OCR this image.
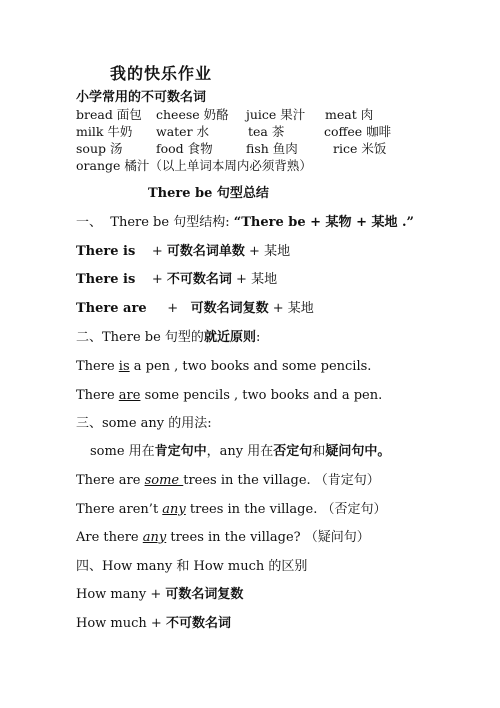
我的快乐作业
小学常用的不可数名词
bread 面包 cheese 奶酪 juice 果汁 meat 肉
milk 牛奶 water 水	tea 茶	coffee 咖啡
soup 汤	food 食物	fish 鱼肉	rice 米饭
orange 橘汁（以上单词本周内必须背熟）
There be 句型总结
一、 There be 句型结构: “There be + 某物 + 某地 .”
There is + 可数名词单数 + 某地
There is + 不可数名词 + 某地
There are + 可数名词复数 + 某地
二、There be 句型的就近原则:
There is a pen , two books and some pencils.
There are some pencils , two books and a pen.
三、some any 的用法:
some 用在肯定句中，any 用在否定句和疑问句中。
There are some trees in the village. （肯定句）
There aren’t any trees in the village. （否定句）
Are there any trees in the village? （疑问句）
四、How many 和 How much 的区别
How many + 可数名词复数
How much + 不可数名词
